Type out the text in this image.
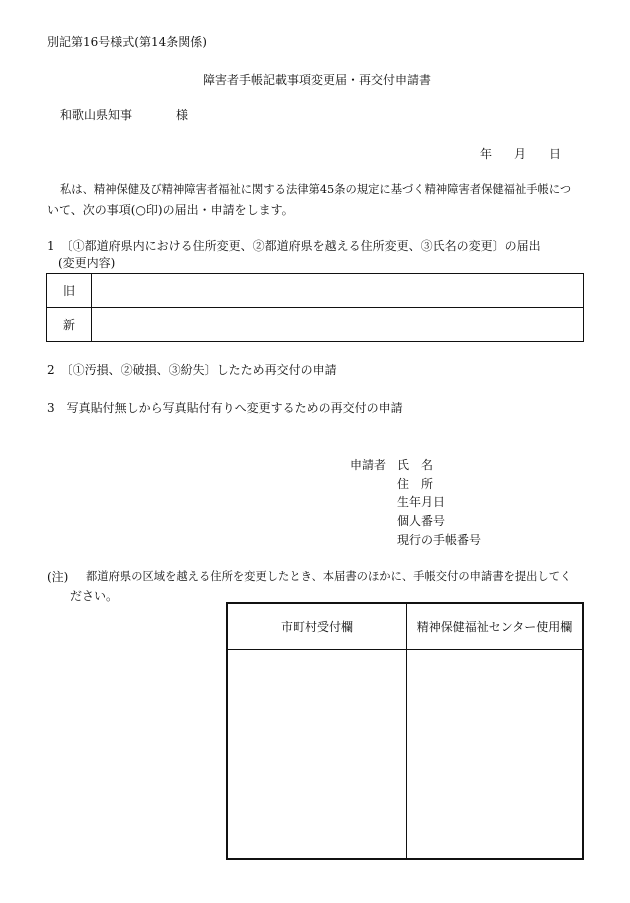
別記第16号様式(第14条関係)
障害者手帳記載事項変更届・再交付申請書
和歌山県知事	様
年 月 日
私は、精神保健及び精神障害者福祉に関する法律第45条の規定に基づく精神障害者保健福祉手帳につ
いて、次の事項(○印)の届出・申請をします。
1　〔①都道府県内における住所変更、②都道府県を越える住所変更、③氏名の変更〕の届出
(変更内容)
旧	
新	
2　〔①汚損、②破損、③紛失〕したため再交付の申請
3　写真貼付無しから写真貼付有りへ変更するための再交付の申請
申請者 氏　名
住　所
生年月日
個人番号
現行の手帳番号
(注) 都道府県の区域を越える住所を変更したとき、本届書のほかに、手帳交付の申請書を提出してく
ださい。
市町村受付欄	精神保健福祉センター使用欄
